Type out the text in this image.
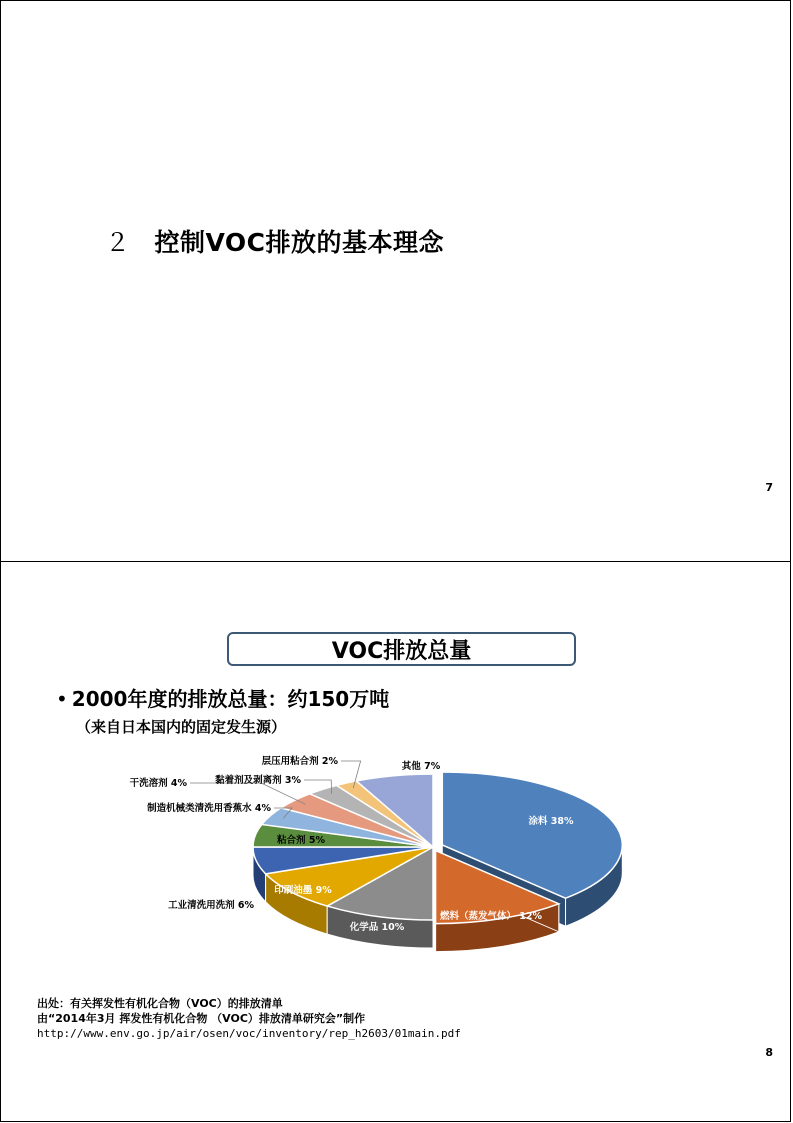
２ 控制VOC排放的基本理念
7
涂料 38%
燃料（蒸发气体） 12%
化学品 10%
印刷油墨 9%
工业清洗用洗剂 6%
粘合剂 5%
制造机械类清洗用香蕉水 4%
干洗溶剂 4%	黏着剂及剥离剂 3%
层压用粘合剂 2%	其他 7%
VOC排放总量
• 2000年度的排放总量：约150万吨
（来自日本国内的固定发生源）
出处：有关挥发性有机化合物（VOC）的排放清单
由“2014年3月 挥发性有机化合物 （VOC）排放清单研究会”制作
http://www.env.go.jp/air/osen/voc/inventory/rep_h2603/01main.pdf
8
